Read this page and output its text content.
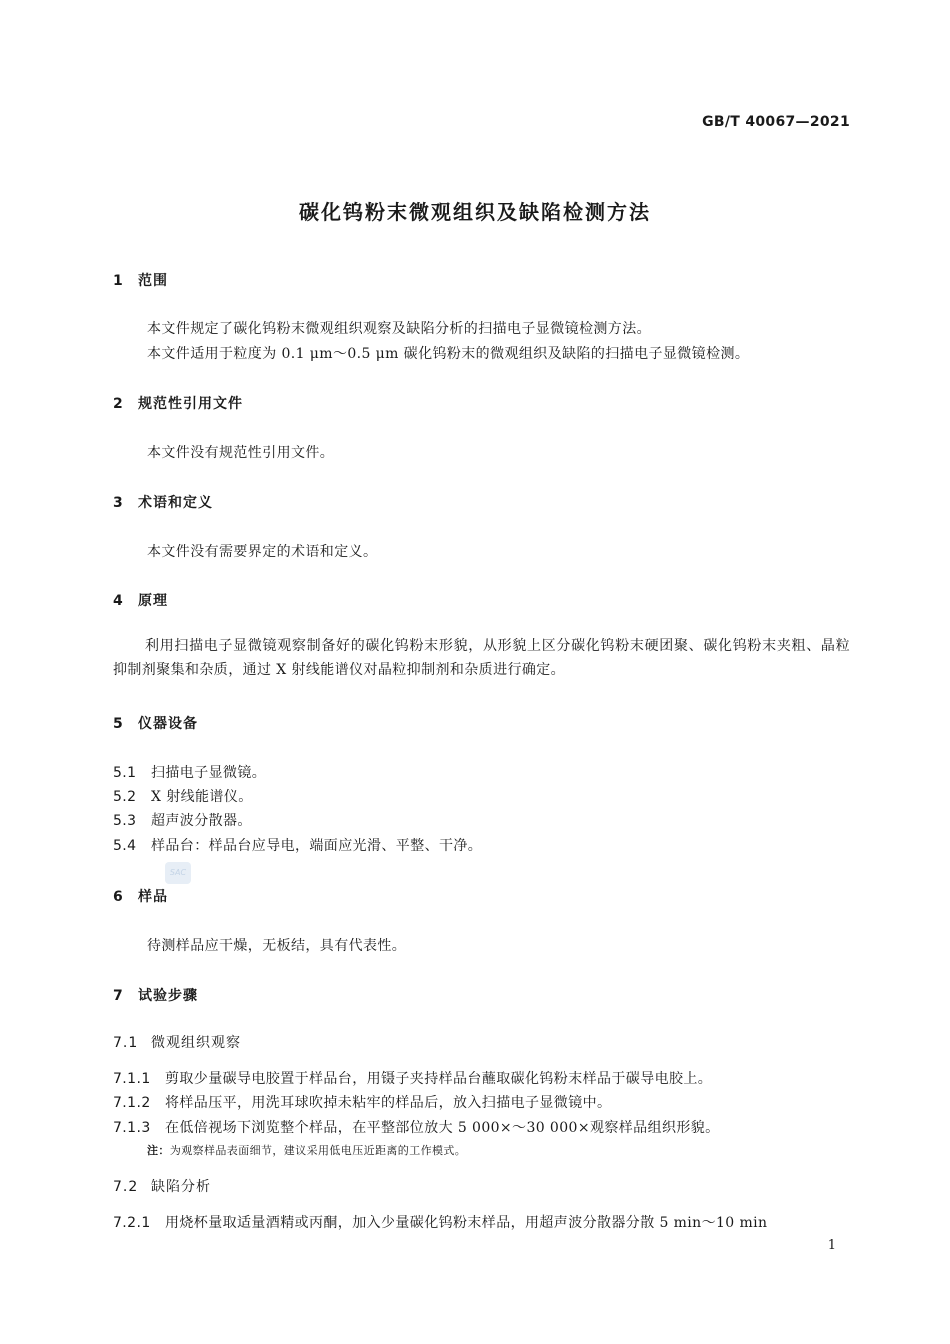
GB/T 40067—2021
碳化钨粉末微观组织及缺陷检测方法
1 范围
本文件规定了碳化钨粉末微观组织观察及缺陷分析的扫描电子显微镜检测方法。
本文件适用于粒度为 0.1 μm～0.5 μm 碳化钨粉末的微观组织及缺陷的扫描电子显微镜检测。
2 规范性引用文件
本文件没有规范性引用文件。
3 术语和定义
本文件没有需要界定的术语和定义。
4 原理
利用扫描电子显微镜观察制备好的碳化钨粉末形貌，从形貌上区分碳化钨粉末硬团聚、碳化钨粉末夹粗、晶粒抑制剂聚集和杂质，通过 X 射线能谱仪对晶粒抑制剂和杂质进行确定。
5 仪器设备
5.1 扫描电子显微镜。
5.2 X 射线能谱仪。
5.3 超声波分散器。
5.4 样品台：样品台应导电，端面应光滑、平整、干净。
SAC
6 样品
待测样品应干燥，无板结，具有代表性。
7 试验步骤
7.1 微观组织观察
7.1.1 剪取少量碳导电胶置于样品台，用镊子夹持样品台蘸取碳化钨粉末样品于碳导电胶上。
7.1.2 将样品压平，用洗耳球吹掉未粘牢的样品后，放入扫描电子显微镜中。
7.1.3 在低倍视场下浏览整个样品，在平整部位放大 5 000×～30 000×观察样品组织形貌。
注：为观察样品表面细节，建议采用低电压近距离的工作模式。
7.2 缺陷分析
7.2.1 用烧杯量取适量酒精或丙酮，加入少量碳化钨粉末样品，用超声波分散器分散 5 min～10 min
1
